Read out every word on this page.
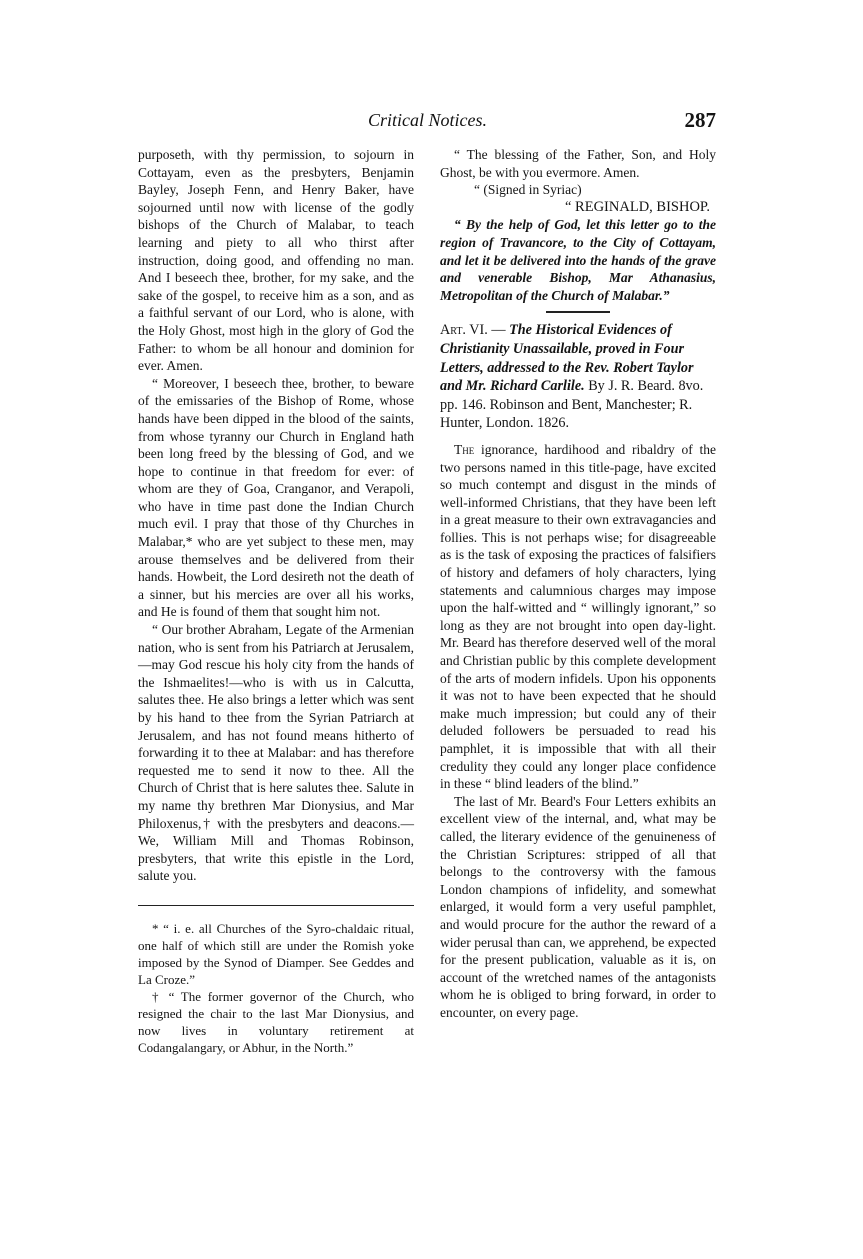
Critical Notices.	287

purposeth, with thy permission, to sojourn in Cottayam, even as the presbyters, Benjamin Bayley, Joseph Fenn, and Henry Baker, have sojourned until now with license of the godly bishops of the Church of Malabar, to teach learning and piety to all who thirst after instruction, doing good, and offending no man. And I beseech thee, brother, for my sake, and the sake of the gospel, to receive him as a son, and as a faithful servant of our Lord, who is alone, with the Holy Ghost, most high in the glory of God the Father: to whom be all honour and dominion for ever. Amen.

“ Moreover, I beseech thee, brother, to beware of the emissaries of the Bishop of Rome, whose hands have been dipped in the blood of the saints, from whose tyranny our Church in England hath been long freed by the blessing of God, and we hope to continue in that freedom for ever: of whom are they of Goa, Cranganor, and Verapoli, who have in time past done the Indian Church much evil. I pray that those of thy Churches in Malabar,* who are yet subject to these men, may arouse themselves and be delivered from their hands. Howbeit, the Lord desireth not the death of a sinner, but his mercies are over all his works, and He is found of them that sought him not.

“ Our brother Abraham, Legate of the Armenian nation, who is sent from his Patriarch at Jerusalem,—may God rescue his holy city from the hands of the Ishmaelites!—who is with us in Calcutta, salutes thee. He also brings a letter which was sent by his hand to thee from the Syrian Patriarch at Jerusalem, and has not found means hitherto of forwarding it to thee at Malabar: and has therefore requested me to send it now to thee. All the Church of Christ that is here salutes thee. Salute in my name thy brethren Mar Dionysius, and Mar Philoxenus,† with the presbyters and deacons.—We, William Mill and Thomas Robinson, presbyters, that write this epistle in the Lord, salute you.

* “ i. e. all Churches of the Syro-chaldaic ritual, one half of which still are under the Romish yoke imposed by the Synod of Diamper. See Geddes and La Croze.”

† “ The former governor of the Church, who resigned the chair to the last Mar Dionysius, and now lives in voluntary retirement at Codangalangary, or Abhur, in the North.”

“ The blessing of the Father, Son, and Holy Ghost, be with you evermore. Amen.

“ (Signed in Syriac)

“ REGINALD, BISHOP.

“ By the help of God, let this letter go to the region of Travancore, to the City of Cottayam, and let it be delivered into the hands of the grave and venerable Bishop, Mar Athanasius, Metropolitan of the Church of Malabar.”

Art. VI. — The Historical Evidences of Christianity Unassailable, proved in Four Letters, addressed to the Rev. Robert Taylor and Mr. Richard Carlile. By J. R. Beard. 8vo. pp. 146. Robinson and Bent, Manchester; R. Hunter, London. 1826.

The ignorance, hardihood and ribaldry of the two persons named in this title-page, have excited so much contempt and disgust in the minds of well-informed Christians, that they have been left in a great measure to their own extravagancies and follies. This is not perhaps wise; for disagreeable as is the task of exposing the practices of falsifiers of history and defamers of holy characters, lying statements and calumnious charges may impose upon the half-witted and “ willingly ignorant,” so long as they are not brought into open day-light. Mr. Beard has therefore deserved well of the moral and Christian public by this complete development of the arts of modern infidels. Upon his opponents it was not to have been expected that he should make much impression; but could any of their deluded followers be persuaded to read his pamphlet, it is impossible that with all their credulity they could any longer place confidence in these “ blind leaders of the blind.”

The last of Mr. Beard's Four Letters exhibits an excellent view of the internal, and, what may be called, the literary evidence of the genuineness of the Christian Scriptures: stripped of all that belongs to the controversy with the famous London champions of infidelity, and somewhat enlarged, it would form a very useful pamphlet, and would procure for the author the reward of a wider perusal than can, we apprehend, be expected for the present publication, valuable as it is, on account of the wretched names of the antagonists whom he is obliged to bring forward, in order to encounter, on every page.
